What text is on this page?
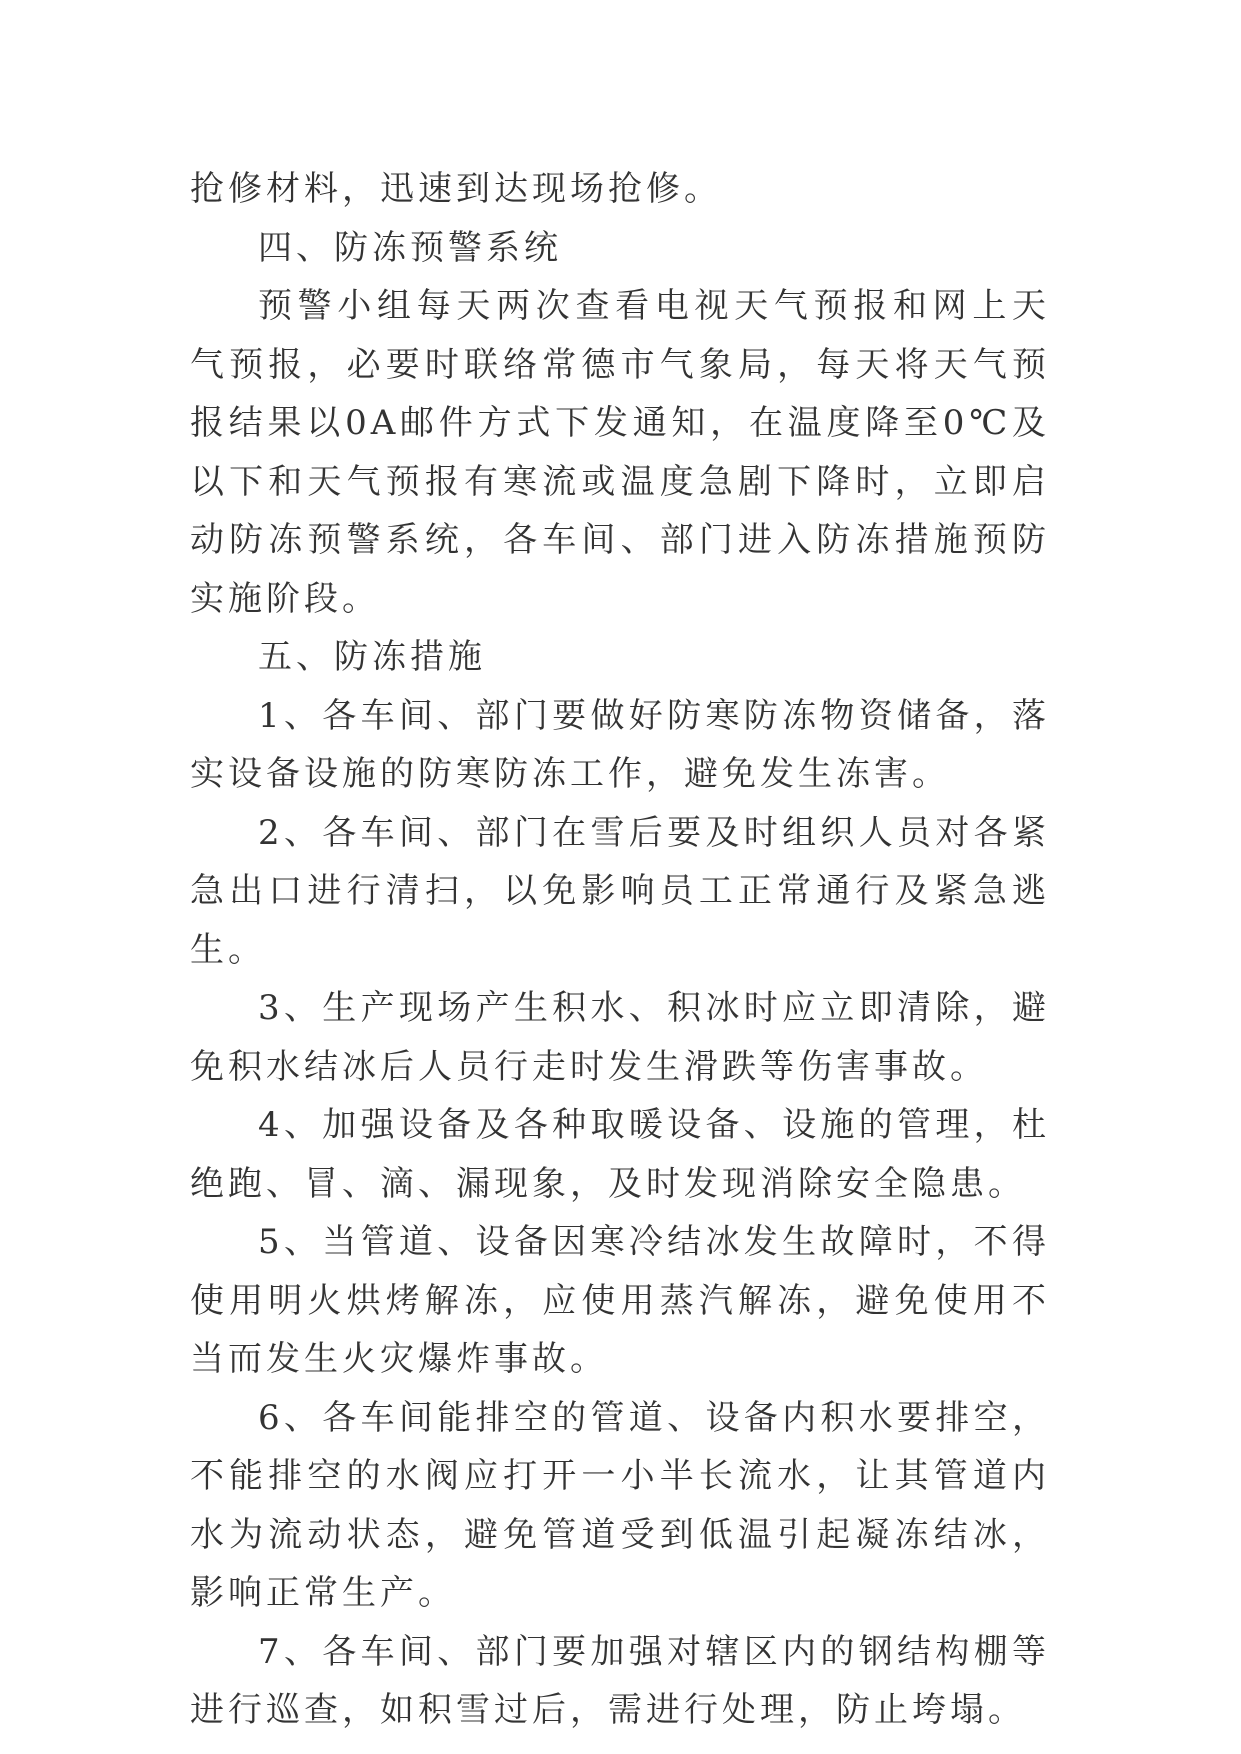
抢修材料，迅速到达现场抢修。

四、防冻预警系统

预警小组每天两次查看电视天气预报和网上天气预报，必要时联络常德市气象局，每天将天气预报结果以0A邮件方式下发通知，在温度降至0℃及以下和天气预报有寒流或温度急剧下降时，立即启动防冻预警系统，各车间、部门进入防冻措施预防实施阶段。

五、防冻措施

1、各车间、部门要做好防寒防冻物资储备，落实设备设施的防寒防冻工作，避免发生冻害。

2、各车间、部门在雪后要及时组织人员对各紧急出口进行清扫，以免影响员工正常通行及紧急逃生。

3、生产现场产生积水、积冰时应立即清除，避免积水结冰后人员行走时发生滑跌等伤害事故。

4、加强设备及各种取暖设备、设施的管理，杜绝跑、冒、滴、漏现象，及时发现消除安全隐患。

5、当管道、设备因寒冷结冰发生故障时，不得使用明火烘烤解冻，应使用蒸汽解冻，避免使用不当而发生火灾爆炸事故。

6、各车间能排空的管道、设备内积水要排空，不能排空的水阀应打开一小半长流水，让其管道内水为流动状态，避免管道受到低温引起凝冻结冰，影响正常生产。

7、各车间、部门要加强对辖区内的钢结构棚等进行巡查，如积雪过后，需进行处理，防止垮塌。
